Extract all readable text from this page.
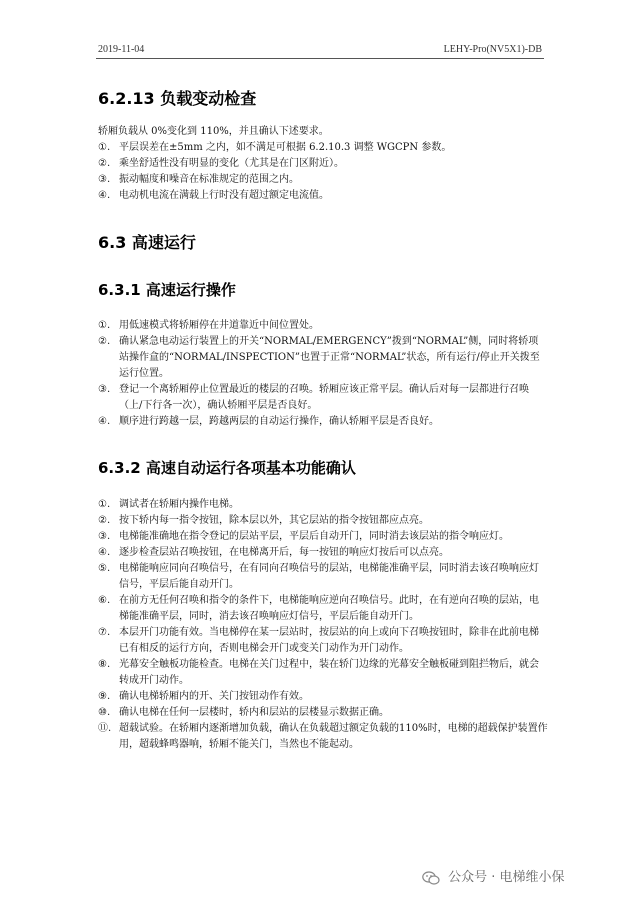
2019-11-04	LEHY-Pro(NV5X1)-DB
6.2.13 负载变动检查
轿厢负载从 0%变化到 110%，并且确认下述要求。
①. 平层误差在±5mm 之内，如不满足可根据 6.2.10.3 调整 WGCPN 参数。
②. 乘坐舒适性没有明显的变化（尤其是在门区附近）。
③. 振动幅度和噪音在标准规定的范围之内。
④. 电动机电流在满载上行时没有超过额定电流值。
6.3 高速运行
6.3.1 高速运行操作
①. 用低速模式将轿厢停在井道靠近中间位置处。
②. 确认紧急电动运行装置上的开关“NORMAL/EMERGENCY”拨到“NORMAL”侧，同时将轿项站操作盒的“NORMAL/INSPECTION”也置于正常“NORMAL”状态，所有运行/停止开关拨至运行位置。
③. 登记一个离轿厢停止位置最近的楼层的召唤。轿厢应该正常平层。确认后对每一层都进行召唤（上/下行各一次），确认轿厢平层是否良好。
④. 顺序进行跨越一层，跨越两层的自动运行操作，确认轿厢平层是否良好。
6.3.2 高速自动运行各项基本功能确认
①. 调试者在轿厢内操作电梯。
②. 按下轿内每一指令按钮，除本层以外，其它层站的指令按钮都应点亮。
③. 电梯能准确地在指令登记的层站平层，平层后自动开门，同时消去该层站的指令响应灯。
④. 逐步检查层站召唤按钮，在电梯离开后，每一按钮的响应灯按后可以点亮。
⑤. 电梯能响应同向召唤信号，在有同向召唤信号的层站，电梯能准确平层，同时消去该召唤响应灯信号，平层后能自动开门。
⑥. 在前方无任何召唤和指令的条件下，电梯能响应逆向召唤信号。此时，在有逆向召唤的层站，电梯能准确平层，同时，消去该召唤响应灯信号，平层后能自动开门。
⑦. 本层开门功能有效。当电梯停在某一层站时，按层站的向上或向下召唤按钮时，除非在此前电梯已有相反的运行方向，否则电梯会开门或变关门动作为开门动作。
⑧. 光幕安全触板功能检查。电梯在关门过程中，装在轿门边缘的光幕安全触板碰到阻拦物后，就会转成开门动作。
⑨. 确认电梯轿厢内的开、关门按钮动作有效。
⑩. 确认电梯在任何一层楼时，轿内和层站的层楼显示数据正确。
⑪. 超载试验。在轿厢内逐渐增加负载，确认在负载超过额定负载的110%时，电梯的超载保护装置作用，超载蜂鸣器响，轿厢不能关门，当然也不能起动。
公众号 · 电梯维小保
